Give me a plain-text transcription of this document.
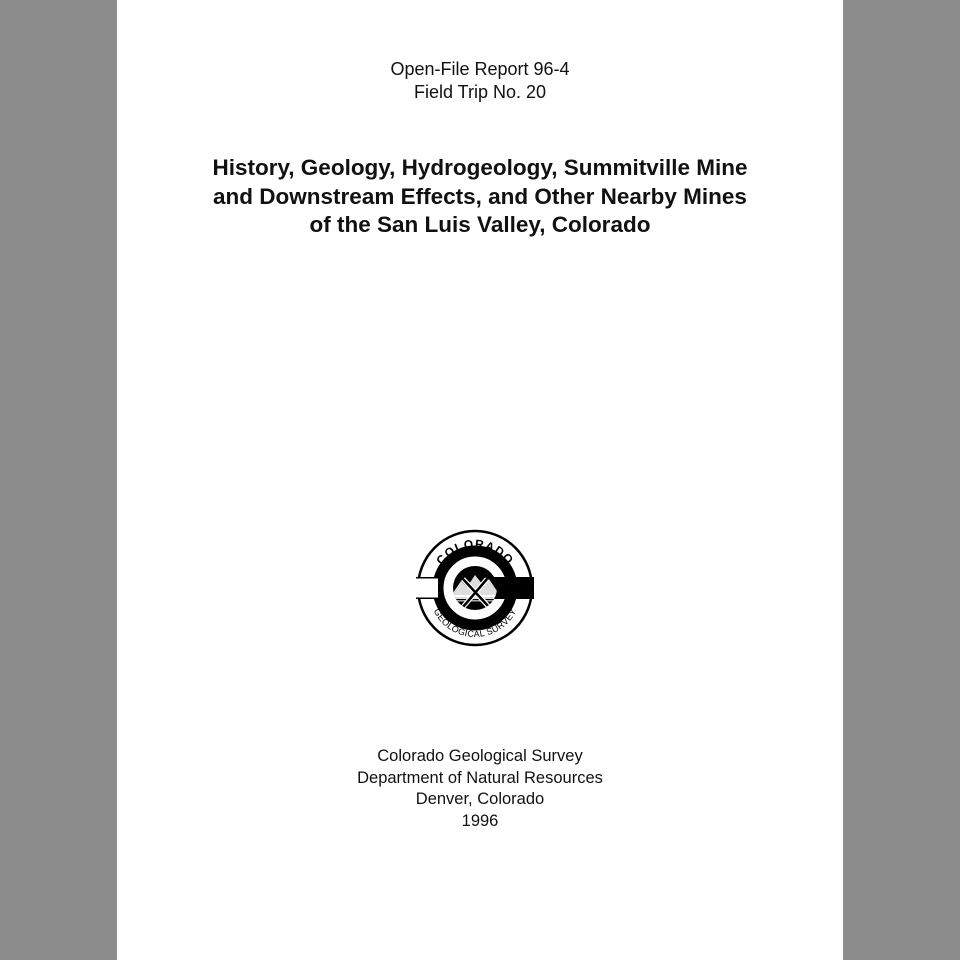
Open-File Report 96-4
Field Trip No. 20
History, Geology, Hydrogeology, Summitville Mine
and Downstream Effects, and Other Nearby Mines
of the San Luis Valley, Colorado
COLORADO
GEOLOGICAL SURVEY
Colorado Geological Survey
Department of Natural Resources
Denver, Colorado
1996
